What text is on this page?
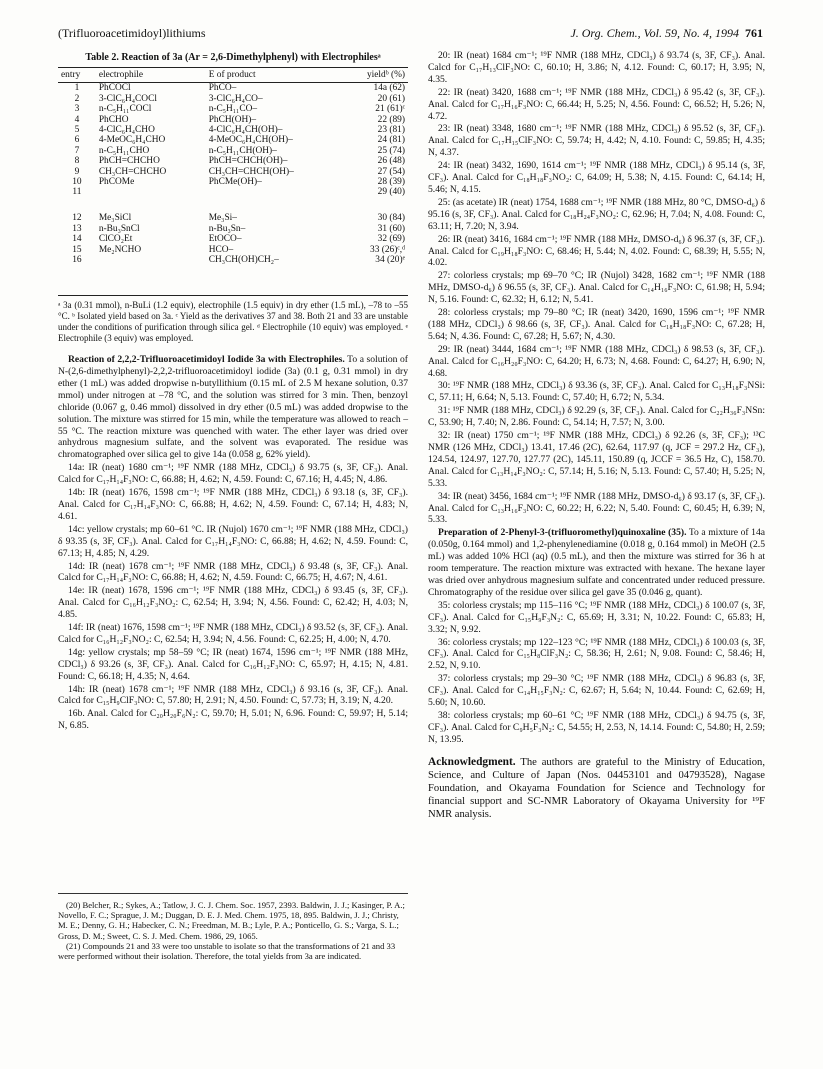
(Trifluoroacetimidoyl)lithiums	J. Org. Chem., Vol. 59, No. 4, 1994 761
Table 2. Reaction of 3a (Ar = 2,6-Dimethylphenyl) with Electrophilesᵃ
entry	electrophile	E of product	yieldᵇ (%)
1	PhCOCl	PhCO–	14a (62)
2	3-ClC₆H₄COCl	3-ClC₆H₄CO–	20 (61)
3	n-C₅H₁₁COCl	n-C₅H₁₁CO–	21 (61)ᶜ
4	PhCHO	PhCH(OH)–	22 (89)
5	4-ClC₆H₄CHO	4-ClC₆H₄CH(OH)–	23 (81)
6	4-MeOC₆H₄CHO	4-MeOC₆H₄CH(OH)–	24 (81)
7	n-C₅H₁₁CHO	n-C₅H₁₁CH(OH)–	25 (74)
8	PhCH=CHCHO	PhCH=CHCH(OH)–	26 (48)
9	CH₃CH=CHCHO	CH₃CH=CHCH(OH)–	27 (54)
10	PhCOMe	PhCMe(OH)–	28 (39)
11			29 (40)
12	Me₃SiCl	Me₃Si–	30 (84)
13	n-Bu₃SnCl	n-Bu₃Sn–	31 (60)
14	ClCO₂Et	EtOCO–	32 (69)
15	Me₂NCHO	HCO–	33 (26)ᶜ,ᵈ
16		CH₃CH(OH)CH₂–	34 (20)ᵉ
ᵃ 3a (0.31 mmol), n-BuLi (1.2 equiv), electrophile (1.5 equiv) in dry ether (1.5 mL), –78 to –55 °C. ᵇ Isolated yield based on 3a. ᶜ Yield as the derivatives 37 and 38. Both 21 and 33 are unstable under the conditions of purification through silica gel. ᵈ Electrophile (10 equiv) was employed. ᵉ Electrophile (3 equiv) was employed.

Reaction of 2,2,2-Trifluoroacetimidoyl Iodide 3a with Electrophiles. To a solution of N-(2,6-dimethylphenyl)-2,2,2-trifluoroacetimidoyl iodide (3a) (0.1 g, 0.31 mmol) in dry ether (1 mL) was added dropwise n-butyllithium (0.15 mL of 2.5 M hexane solution, 0.37 mmol) under nitrogen at –78 °C, and the solution was stirred for 3 min. Then, benzoyl chloride (0.067 g, 0.46 mmol) dissolved in dry ether (0.5 mL) was added dropwise to the solution. The mixture was stirred for 15 min, while the temperature was allowed to reach –55 °C. The reaction mixture was quenched with water. The ether layer was dried over anhydrous magnesium sulfate, and the solvent was evaporated. The residue was chromatographed over silica gel to give 14a (0.058 g, 62% yield).

14a: IR (neat) 1680 cm⁻¹; ¹⁹F NMR (188 MHz, CDCl₃) δ 93.75 (s, 3F, CF₃). Anal. Calcd for C₁₇H₁₄F₃NO: C, 66.88; H, 4.62; N, 4.59. Found: C, 67.16; H, 4.45; N, 4.86.

14b: IR (neat) 1676, 1598 cm⁻¹; ¹⁹F NMR (188 MHz, CDCl₃) δ 93.18 (s, 3F, CF₃). Anal. Calcd for C₁₇H₁₄F₃NO: C, 66.88; H, 4.62; N, 4.59. Found: C, 67.14; H, 4.83; N, 4.61.

14c: yellow crystals; mp 60–61 °C. IR (Nujol) 1670 cm⁻¹; ¹⁹F NMR (188 MHz, CDCl₃) δ 93.35 (s, 3F, CF₃). Anal. Calcd for C₁₇H₁₄F₃NO: C, 66.88; H, 4.62; N, 4.59. Found: C, 67.13; H, 4.85; N, 4.29.

14d: IR (neat) 1678 cm⁻¹; ¹⁹F NMR (188 MHz, CDCl₃) δ 93.48 (s, 3F, CF₃). Anal. Calcd for C₁₇H₁₄F₃NO: C, 66.88; H, 4.62; N, 4.59. Found: C, 66.75; H, 4.67; N, 4.61.

14e: IR (neat) 1678, 1596 cm⁻¹; ¹⁹F NMR (188 MHz, CDCl₃) δ 93.45 (s, 3F, CF₃). Anal. Calcd for C₁₆H₁₂F₃NO₂: C, 62.54; H, 3.94; N, 4.56. Found: C, 62.42; H, 4.03; N, 4.85.

14f: IR (neat) 1676, 1598 cm⁻¹; ¹⁹F NMR (188 MHz, CDCl₃) δ 93.52 (s, 3F, CF₃). Anal. Calcd for C₁₆H₁₂F₃NO₂: C, 62.54; H, 3.94; N, 4.56. Found: C, 62.25; H, 4.00; N, 4.70.

14g: yellow crystals; mp 58–59 °C; IR (neat) 1674, 1596 cm⁻¹; ¹⁹F NMR (188 MHz, CDCl₃) δ 93.26 (s, 3F, CF₃). Anal. Calcd for C₁₆H₁₂F₃NO: C, 65.97; H, 4.15; N, 4.81. Found: C, 66.18; H, 4.35; N, 4.64.

14h: IR (neat) 1678 cm⁻¹; ¹⁹F NMR (188 MHz, CDCl₃) δ 93.16 (s, 3F, CF₃). Anal. Calcd for C₁₅H₉ClF₃NO: C, 57.80; H, 2.91; N, 4.50. Found: C, 57.73; H, 3.19; N, 4.20.

16b. Anal. Calcd for C₂₀H₂₀F₆N₂: C, 59.70; H, 5.01; N, 6.96. Found: C, 59.97; H, 5.14; N, 6.85.

(20) Belcher, R.; Sykes, A.; Tatlow, J. C. J. Chem. Soc. 1957, 2393. Baldwin, J. J.; Kasinger, P. A.; Novello, F. C.; Sprague, J. M.; Duggan, D. E. J. Med. Chem. 1975, 18, 895. Baldwin, J. J.; Christy, M. E.; Denny, G. H.; Habecker, C. N.; Freedman, M. B.; Lyle, P. A.; Ponticello, G. S.; Varga, S. L.; Gross, D. M.; Sweet, C. S. J. Med. Chem. 1986, 29, 1065.

(21) Compounds 21 and 33 were too unstable to isolate so that the transformations of 21 and 33 were performed without their isolation. Therefore, the total yields from 3a are indicated.

20: IR (neat) 1684 cm⁻¹; ¹⁹F NMR (188 MHz, CDCl₃) δ 93.74 (s, 3F, CF₃). Anal. Calcd for C₁₇H₁₃ClF₃NO: C, 60.10; H, 3.86; N, 4.12. Found: C, 60.17; H, 3.95; N, 4.35.

22: IR (neat) 3420, 1688 cm⁻¹; ¹⁹F NMR (188 MHz, CDCl₃) δ 95.42 (s, 3F, CF₃). Anal. Calcd for C₁₇H₁₆F₃NO: C, 66.44; H, 5.25; N, 4.56. Found: C, 66.52; H, 5.26; N, 4.72.

23: IR (neat) 3348, 1680 cm⁻¹; ¹⁹F NMR (188 MHz, CDCl₃) δ 95.52 (s, 3F, CF₃). Anal. Calcd for C₁₇H₁₅ClF₃NO: C, 59.74; H, 4.42; N, 4.10. Found: C, 59.85; H, 4.35; N, 4.37.

24: IR (neat) 3432, 1690, 1614 cm⁻¹; ¹⁹F NMR (188 MHz, CDCl₃) δ 95.14 (s, 3F, CF₃). Anal. Calcd for C₁₈H₁₈F₃NO₂: C, 64.09; H, 5.38; N, 4.15. Found: C, 64.14; H, 5.46; N, 4.15.

25: (as acetate) IR (neat) 1754, 1688 cm⁻¹; ¹⁹F NMR (188 MHz, 80 °C, DMSO-d₆) δ 95.16 (s, 3F, CF₃). Anal. Calcd for C₁₈H₂₄F₃NO₂: C, 62.96; H, 7.04; N, 4.08. Found: C, 63.11; H, 7.20; N, 3.94.

26: IR (neat) 3416, 1684 cm⁻¹; ¹⁹F NMR (188 MHz, DMSO-d₆) δ 96.37 (s, 3F, CF₃). Anal. Calcd for C₁₉H₁₈F₃NO: C, 68.46; H, 5.44; N, 4.02. Found: C, 68.39; H, 5.55; N, 4.02.

27: colorless crystals; mp 69–70 °C; IR (Nujol) 3428, 1682 cm⁻¹; ¹⁹F NMR (188 MHz, DMSO-d₆) δ 96.55 (s, 3F, CF₃). Anal. Calcd for C₁₄H₁₆F₃NO: C, 61.98; H, 5.94; N, 5.16. Found: C, 62.32; H, 6.12; N, 5.41.

28: colorless crystals; mp 79–80 °C; IR (neat) 3420, 1690, 1596 cm⁻¹; ¹⁹F NMR (188 MHz, CDCl₃) δ 98.66 (s, 3F, CF₃). Anal. Calcd for C₁₈H₁₈F₃NO: C, 67.28; H, 5.64; N, 4.36. Found: C, 67.28; H, 5.67; N, 4.30.

29: IR (neat) 3444, 1684 cm⁻¹; ¹⁹F NMR (188 MHz, CDCl₃) δ 98.53 (s, 3F, CF₃). Anal. Calcd for C₁₆H₂₀F₃NO: C, 64.20; H, 6.73; N, 4.68. Found: C, 64.27; H, 6.90; N, 4.68.

30: ¹⁹F NMR (188 MHz, CDCl₃) δ 93.36 (s, 3F, CF₃). Anal. Calcd for C₁₃H₁₈F₃NSi: C, 57.11; H, 6.64; N, 5.13. Found: C, 57.40; H, 6.72; N, 5.34.

31: ¹⁹F NMR (188 MHz, CDCl₃) δ 92.29 (s, 3F, CF₃). Anal. Calcd for C₂₂H₃₆F₃NSn: C, 53.90; H, 7.40; N, 2.86. Found: C, 54.14; H, 7.57; N, 3.00.

32: IR (neat) 1750 cm⁻¹; ¹⁹F NMR (188 MHz, CDCl₃) δ 92.26 (s, 3F, CF₃); ¹³C NMR (126 MHz, CDCl₃) 13.41, 17.46 (2C), 62.64, 117.97 (q, JCF = 297.2 Hz, CF₃), 124.54, 124.97, 127.70, 127.77 (2C), 145.11, 150.89 (q, JCCF = 36.5 Hz, C), 158.70. Anal. Calcd for C₁₃H₁₄F₃NO₂: C, 57.14; H, 5.16; N, 5.13. Found: C, 57.40; H, 5.25; N, 5.33.

34: IR (neat) 3456, 1684 cm⁻¹; ¹⁹F NMR (188 MHz, DMSO-d₆) δ 93.17 (s, 3F, CF₃). Anal. Calcd for C₁₃H₁₆F₃NO: C, 60.22; H, 6.22; N, 5.40. Found: C, 60.45; H, 6.39; N, 5.33.

Preparation of 2-Phenyl-3-(trifluoromethyl)quinoxaline (35). To a mixture of 14a (0.050g, 0.164 mmol) and 1,2-phenylenediamine (0.018 g, 0.164 mmol) in MeOH (2.5 mL) was added 10% HCl (aq) (0.5 mL), and then the mixture was stirred for 36 h at room temperature. The reaction mixture was extracted with hexane. The hexane layer was dried over anhydrous magnesium sulfate and concentrated under reduced pressure. Chromatography of the residue over silica gel gave 35 (0.046 g, quant).

35: colorless crystals; mp 115–116 °C; ¹⁹F NMR (188 MHz, CDCl₃) δ 100.07 (s, 3F, CF₃). Anal. Calcd for C₁₅H₉F₃N₂: C, 65.69; H, 3.31; N, 10.22. Found: C, 65.83; H, 3.32; N, 9.92.

36: colorless crystals; mp 122–123 °C; ¹⁹F NMR (188 MHz, CDCl₃) δ 100.03 (s, 3F, CF₃). Anal. Calcd for C₁₅H₈ClF₃N₂: C, 58.36; H, 2.61; N, 9.08. Found: C, 58.46; H, 2.52, N, 9.10.

37: colorless crystals; mp 29–30 °C; ¹⁹F NMR (188 MHz, CDCl₃) δ 96.83 (s, 3F, CF₃). Anal. Calcd for C₁₄H₁₅F₃N₂: C, 62.67; H, 5.64; N, 10.44. Found: C, 62.69; H, 5.60; N, 10.60.

38: colorless crystals; mp 60–61 °C; ¹⁹F NMR (188 MHz, CDCl₃) δ 94.75 (s, 3F, CF₃). Anal. Calcd for C₉H₅F₃N₂: C, 54.55; H, 2.53, N, 14.14. Found: C, 54.80; H, 2.59; N, 13.95.

Acknowledgment. The authors are grateful to the Ministry of Education, Science, and Culture of Japan (Nos. 04453101 and 04793528), Nagase Foundation, and Okayama Foundation for Science and Technology for financial support and SC-NMR Laboratory of Okayama University for ¹⁹F NMR analysis.
